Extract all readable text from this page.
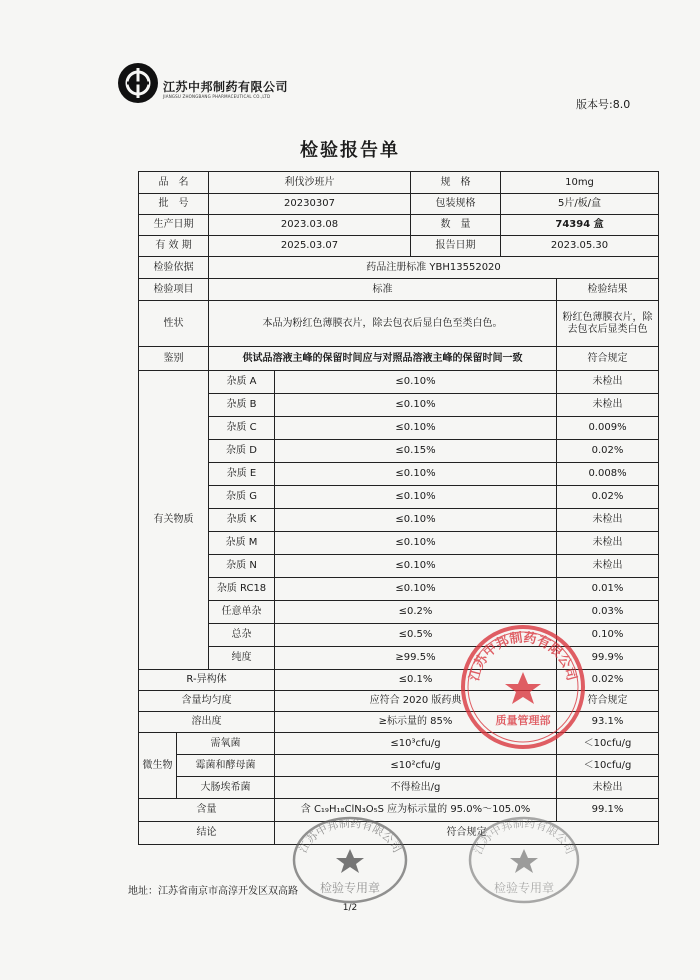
江苏中邦制药有限公司
JIANGSU ZHONGBANG PHARMACEUTICAL CO.,LTD
版本号:8.0
检验报告单
品　名		利伐沙班片		规　格	10mg	
批　号		20230307		包装规格	5片/板/盒	
生产日期		2023.03.08		数　量	74394 盒	
有 效 期		2025.03.07		报告日期	2023.05.30	
检验依据		药品注册标准 YBH13552020				
检验项目		标准				检验结果
性状		本品为粉红色薄膜衣片，除去包衣后显白色至类白色。				粉红色薄膜衣片，除去包衣后显类白色
鉴别		供试品溶液主峰的保留时间应与对照品溶液主峰的保留时间一致				符合规定
有关物质		杂质 A	≤0.10%			未检出
		杂质 B	≤0.10%			未检出
		杂质 C	≤0.10%			0.009%
		杂质 D	≤0.15%			0.02%
		杂质 E	≤0.10%			0.008%
		杂质 G	≤0.10%			0.02%
		杂质 K	≤0.10%			未检出
		杂质 M	≤0.10%			未检出
		杂质 N	≤0.10%			未检出
		杂质 RC18	≤0.10%			0.01%
		任意单杂	≤0.2%			0.03%
		总杂	≤0.5%			0.10%
		纯度	≥99.5%			99.9%
R-异构体			≤0.1%			0.02%
含量均匀度			应符合 2020 版药典			符合规定
溶出度			≥标示量的 85%			93.1%
微生物	需氧菌		≤10³cfu/g			＜10cfu/g
	霉菌和酵母菌		≤10²cfu/g			＜10cfu/g
	大肠埃希菌		不得检出/g			未检出
含量			含 C₁₉H₁₈ClN₃O₅S 应为标示量的 95.0%～105.0%			99.1%
结论			符合规定			
地址：江苏省南京市高淳开发区双高路
1/2
江苏中邦制药有限公司
质量管理部
江苏中邦制药有限公司
检验专用章
江苏中邦制药有限公司
检验专用章
